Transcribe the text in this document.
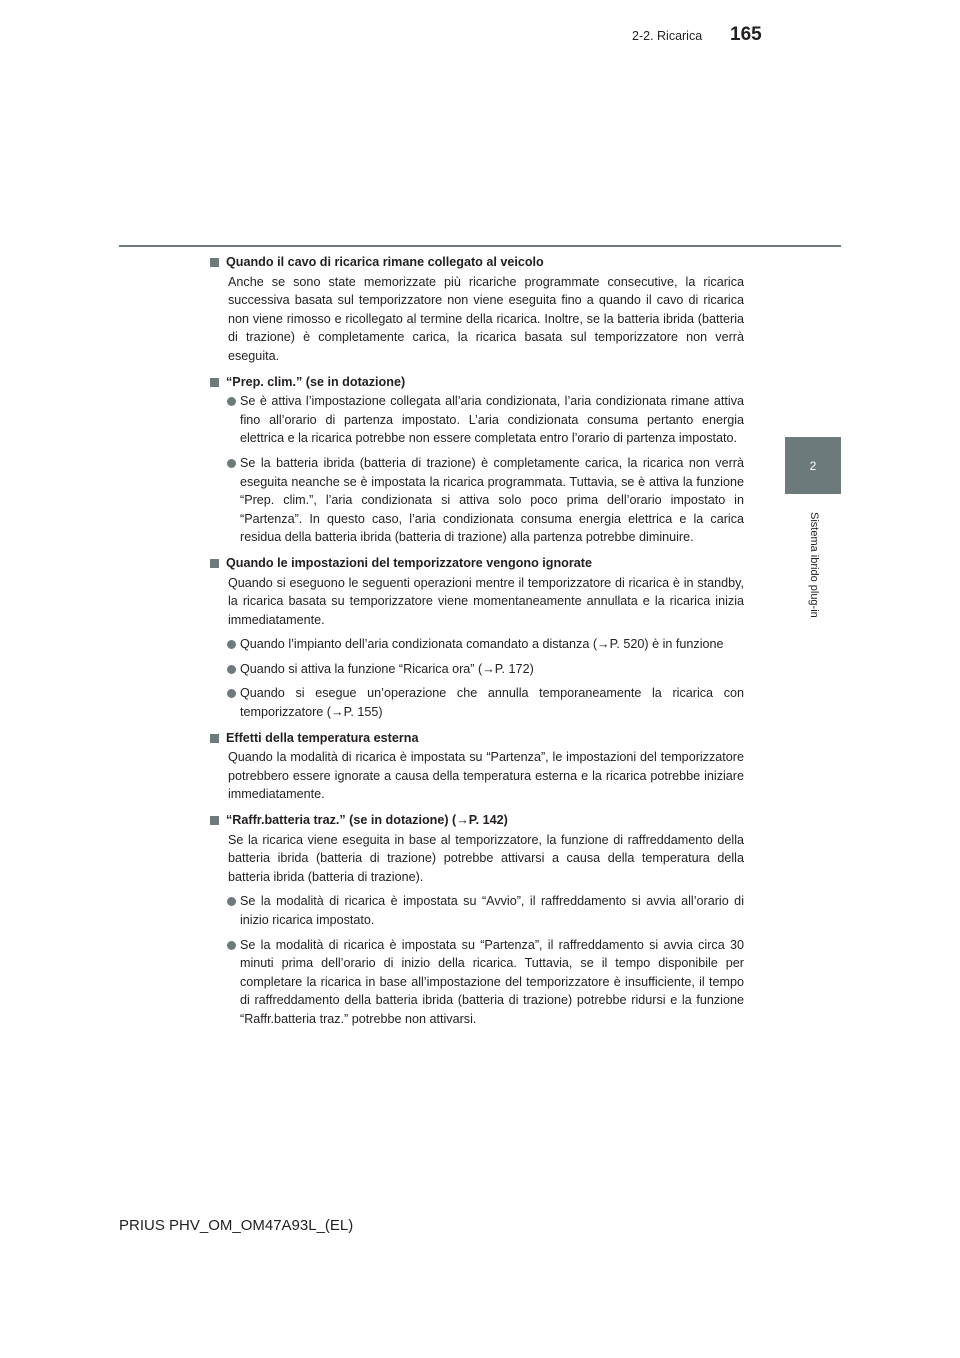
2-2. Ricarica 165
2
Sistema ibrido plug-in
Quando il cavo di ricarica rimane collegato al veicolo
Anche se sono state memorizzate più ricariche programmate consecutive, la ricarica successiva basata sul temporizzatore non viene eseguita fino a quando il cavo di ricarica non viene rimosso e ricollegato al termine della ricarica. Inoltre, se la batteria ibrida (batteria di trazione) è completamente carica, la ricarica basata sul temporizzatore non verrà eseguita.
“Prep. clim.” (se in dotazione)
Se è attiva l’impostazione collegata all’aria condizionata, l’aria condizionata rimane attiva fino all’orario di partenza impostato. L’aria condizionata consuma pertanto energia elettrica e la ricarica potrebbe non essere completata entro l’orario di partenza impostato.
Se la batteria ibrida (batteria di trazione) è completamente carica, la ricarica non verrà eseguita neanche se è impostata la ricarica programmata. Tuttavia, se è attiva la funzione “Prep. clim.”, l’aria condizionata si attiva solo poco prima dell’orario impostato in “Partenza”. In questo caso, l’aria condizionata consuma energia elettrica e la carica residua della batteria ibrida (batteria di trazione) alla partenza potrebbe diminuire.
Quando le impostazioni del temporizzatore vengono ignorate
Quando si eseguono le seguenti operazioni mentre il temporizzatore di ricarica è in standby, la ricarica basata su temporizzatore viene momentaneamente annullata e la ricarica inizia immediatamente.
Quando l’impianto dell’aria condizionata comandato a distanza (→P. 520) è in funzione
Quando si attiva la funzione “Ricarica ora” (→P. 172)
Quando si esegue un’operazione che annulla temporaneamente la ricarica con temporizzatore (→P. 155)
Effetti della temperatura esterna
Quando la modalità di ricarica è impostata su “Partenza”, le impostazioni del temporizzatore potrebbero essere ignorate a causa della temperatura esterna e la ricarica potrebbe iniziare immediatamente.
“Raffr.batteria traz.” (se in dotazione) (→P. 142)
Se la ricarica viene eseguita in base al temporizzatore, la funzione di raffreddamento della batteria ibrida (batteria di trazione) potrebbe attivarsi a causa della temperatura della batteria ibrida (batteria di trazione).
Se la modalità di ricarica è impostata su “Avvio”, il raffreddamento si avvia all’orario di inizio ricarica impostato.
Se la modalità di ricarica è impostata su “Partenza”, il raffreddamento si avvia circa 30 minuti prima dell’orario di inizio della ricarica. Tuttavia, se il tempo disponibile per completare la ricarica in base all’impostazione del temporizzatore è insufficiente, il tempo di raffreddamento della batteria ibrida (batteria di trazione) potrebbe ridursi e la funzione “Raffr.batteria traz.” potrebbe non attivarsi.
PRIUS PHV_OM_OM47A93L_(EL)
